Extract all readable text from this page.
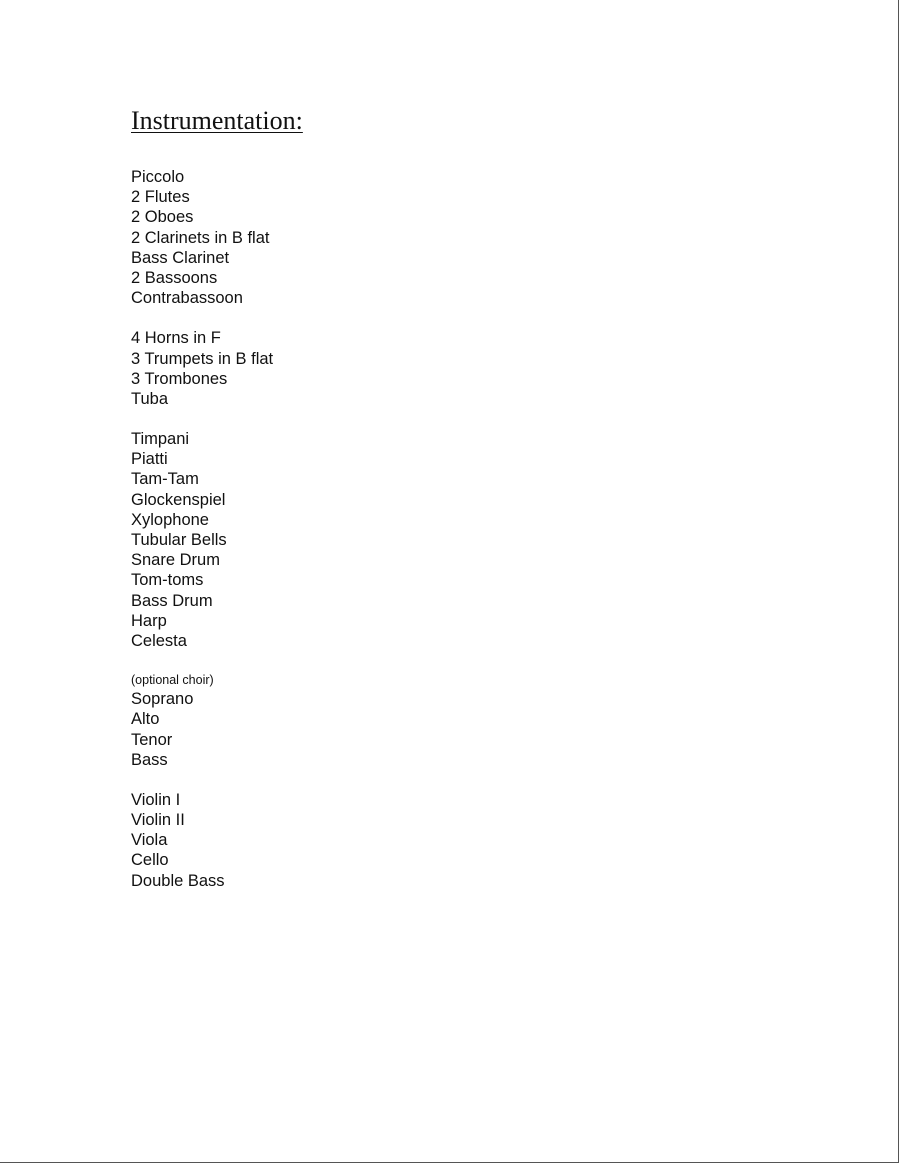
Instrumentation:
Piccolo
2 Flutes
2 Oboes
2 Clarinets in B flat
Bass Clarinet
2 Bassoons
Contrabassoon
4 Horns in F
3 Trumpets in B flat
3 Trombones
Tuba
Timpani
Piatti
Tam-Tam
Glockenspiel
Xylophone
Tubular Bells
Snare Drum
Tom-toms
Bass Drum
Harp
Celesta
(optional choir)
Soprano
Alto
Tenor
Bass
Violin I
Violin II
Viola
Cello
Double Bass
